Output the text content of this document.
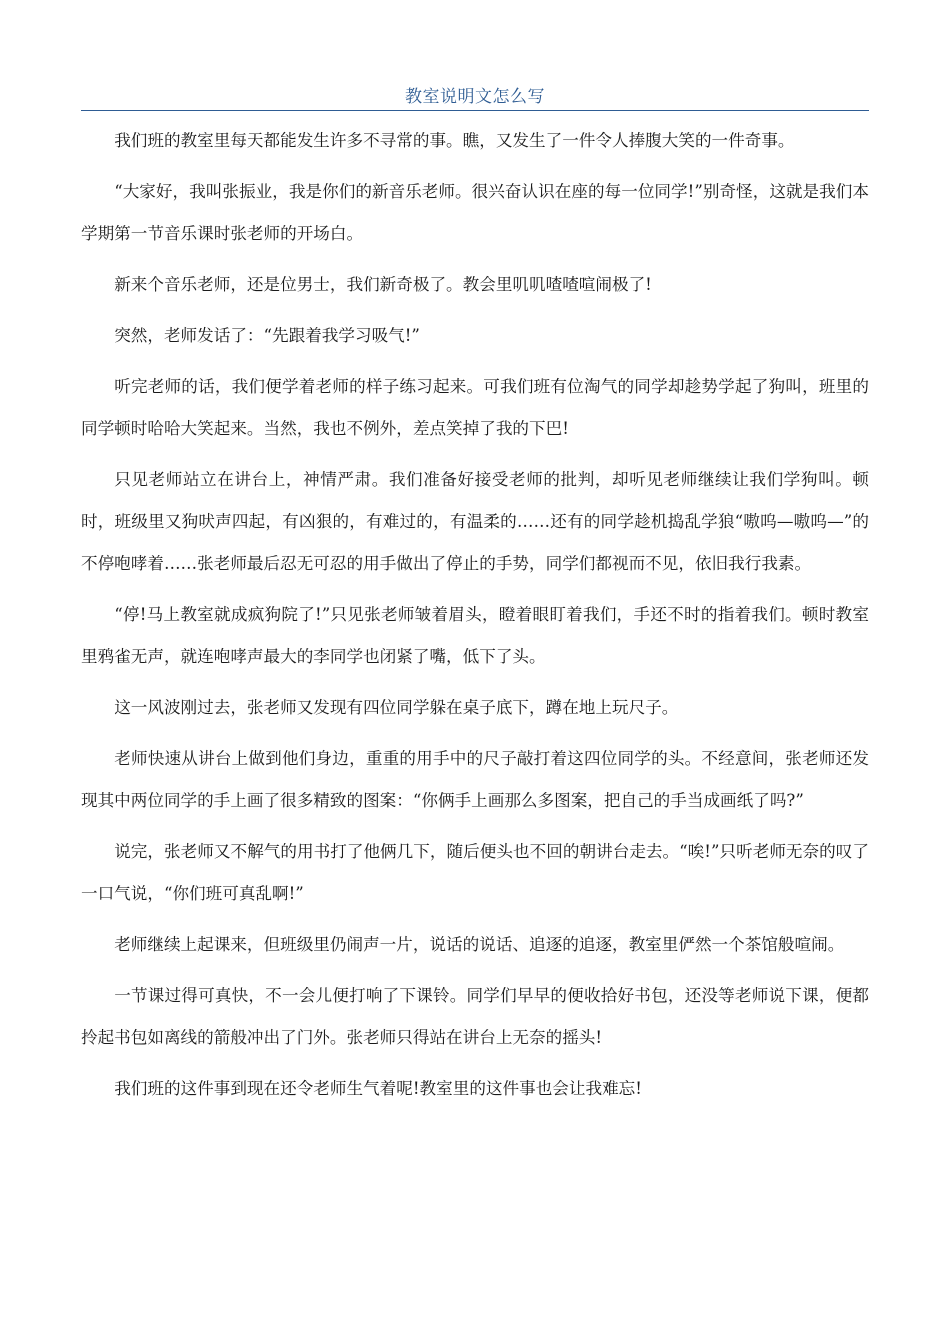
教室说明文怎么写

我们班的教室里每天都能发生许多不寻常的事。瞧，又发生了一件令人捧腹大笑的一件奇事。

“大家好，我叫张振业，我是你们的新音乐老师。很兴奋认识在座的每一位同学!”别奇怪，这就是我们本学期第一节音乐课时张老师的开场白。

新来个音乐老师，还是位男士，我们新奇极了。教会里叽叽喳喳喧闹极了!

突然，老师发话了：“先跟着我学习吸气!”

听完老师的话，我们便学着老师的样子练习起来。可我们班有位淘气的同学却趁势学起了狗叫，班里的同学顿时哈哈大笑起来。当然，我也不例外，差点笑掉了我的下巴!

只见老师站立在讲台上，神情严肃。我们准备好接受老师的批判，却听见老师继续让我们学狗叫。顿时，班级里又狗吠声四起，有凶狠的，有难过的，有温柔的……还有的同学趁机捣乱学狼“嗷呜—嗷呜—”的不停咆哮着……张老师最后忍无可忍的用手做出了停止的手势，同学们都视而不见，依旧我行我素。

“停!马上教室就成疯狗院了!”只见张老师皱着眉头，瞪着眼盯着我们，手还不时的指着我们。顿时教室里鸦雀无声，就连咆哮声最大的李同学也闭紧了嘴，低下了头。

这一风波刚过去，张老师又发现有四位同学躲在桌子底下，蹲在地上玩尺子。

老师快速从讲台上做到他们身边，重重的用手中的尺子敲打着这四位同学的头。不经意间，张老师还发现其中两位同学的手上画了很多精致的图案：“你俩手上画那么多图案，把自己的手当成画纸了吗?”

说完，张老师又不解气的用书打了他俩几下，随后便头也不回的朝讲台走去。“唉!”只听老师无奈的叹了一口气说，“你们班可真乱啊!”

老师继续上起课来，但班级里仍闹声一片，说话的说话、追逐的追逐，教室里俨然一个茶馆般喧闹。

一节课过得可真快，不一会儿便打响了下课铃。同学们早早的便收拾好书包，还没等老师说下课，便都拎起书包如离线的箭般冲出了门外。张老师只得站在讲台上无奈的摇头!

我们班的这件事到现在还令老师生气着呢!教室里的这件事也会让我难忘!
